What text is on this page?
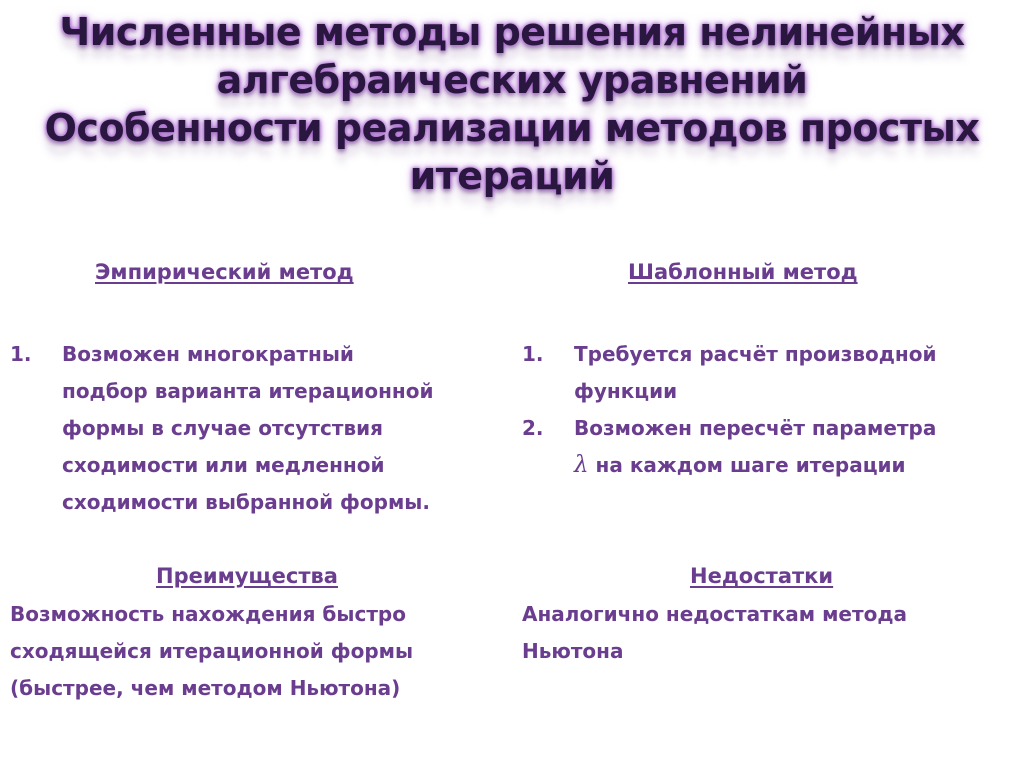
Численные методы решения нелинейных
алгебраических уравнений
Особенности реализации методов простых
итераций
Эмпирический метод	Шаблонный метод
1. Возможен многократный
подбор варианта итерационной
формы в случае отсутствия
сходимости или медленной
сходимости выбранной формы.
1. Требуется расчёт производной
функции
2. Возможен пересчёт параметра
λ на каждом шаге итерации
Преимущества	Недостатки

Возможность нахождения быстро
сходящейся итерационной формы
(быстрее, чем методом Ньютона)

Аналогично недостаткам метода
Ньютона
